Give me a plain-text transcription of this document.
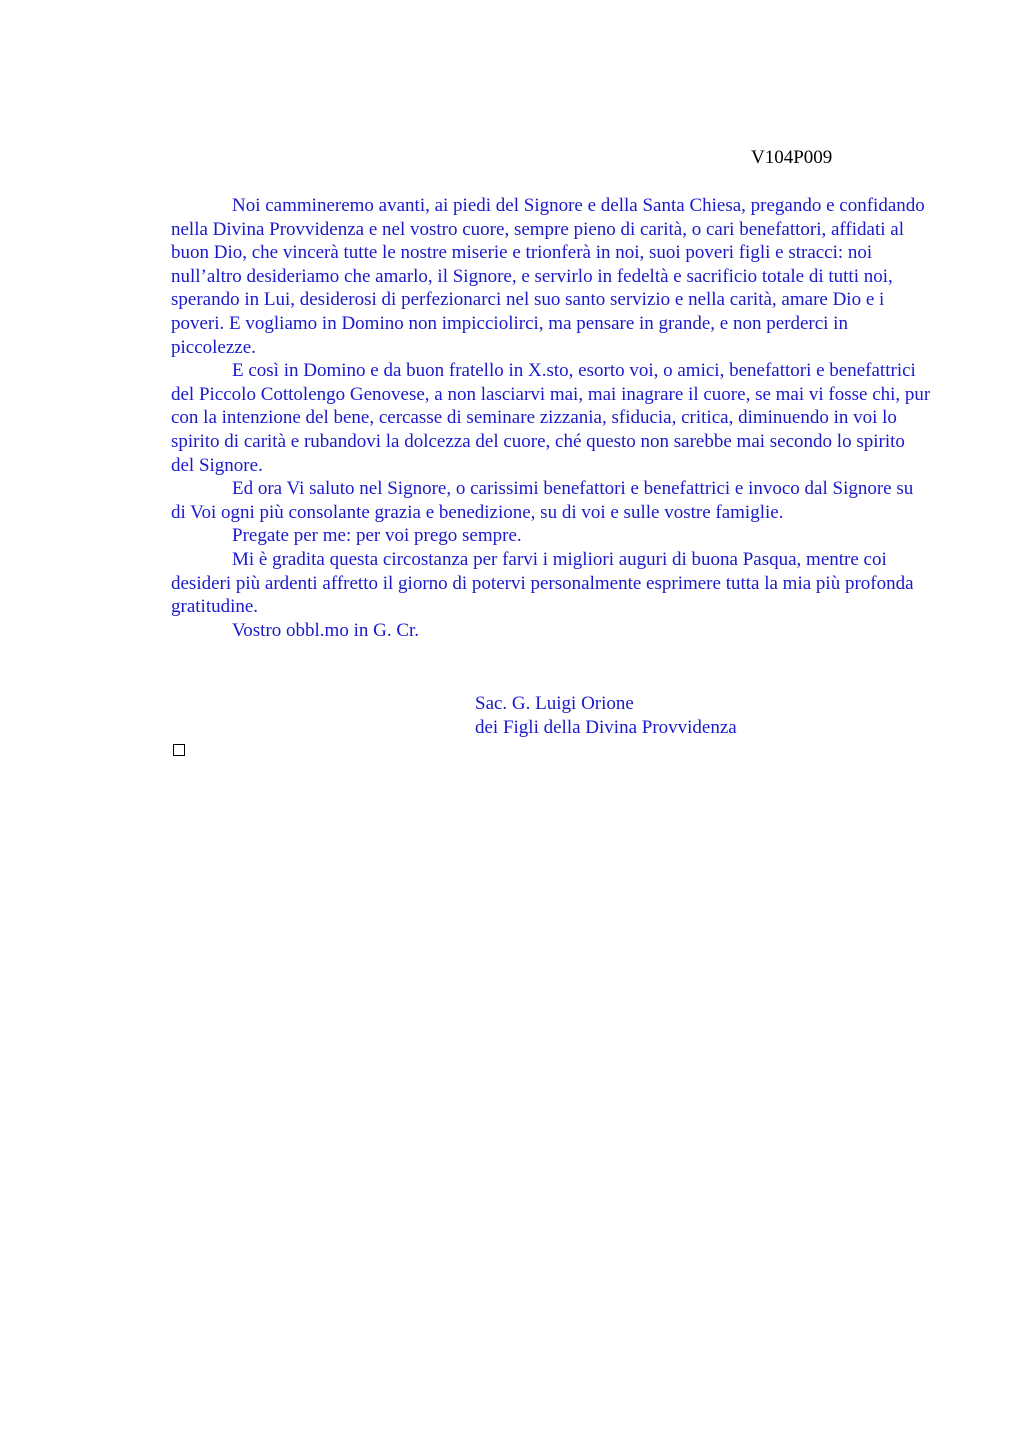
V104P009

Noi cammineremo avanti, ai piedi del Signore e della Santa Chiesa, pregando e confidando nella Divina Provvidenza e nel vostro cuore, sempre pieno di carità, o cari benefattori, affidati al buon Dio, che vincerà tutte le nostre miserie e trionferà in noi, suoi poveri figli e stracci: noi null’altro desideriamo che amarlo, il Signore, e servirlo in fedeltà e sacrificio totale di tutti noi, sperando in Lui, desiderosi di perfezionarci nel suo santo servizio e nella carità, amare Dio e i poveri. E vogliamo in Domino non impicciolirci, ma pensare in grande, e non perderci in piccolezze.

E così in Domino e da buon fratello in X.sto, esorto voi, o amici, benefattori e benefattrici del Piccolo Cottolengo Genovese, a non lasciarvi mai, mai inagrare il cuore, se mai vi fosse chi, pur con la intenzione del bene, cercasse di seminare zizzania, sfiducia, critica, diminuendo in voi lo spirito di carità e rubandovi la dolcezza del cuore, ché questo non sarebbe mai secondo lo spirito del Signore.

Ed ora Vi saluto nel Signore, o carissimi benefattori e benefattrici e invoco dal Signore su di Voi ogni più consolante grazia e benedizione, su di voi e sulle vostre famiglie.

Pregate per me: per voi prego sempre.

Mi è gradita questa circostanza per farvi i migliori auguri di buona Pasqua, mentre coi desideri più ardenti affretto il giorno di potervi personalmente esprimere tutta la mia più profonda gratitudine.

Vostro obbl.mo in G. Cr.

Sac. G. Luigi Orione
dei Figli della Divina Provvidenza
